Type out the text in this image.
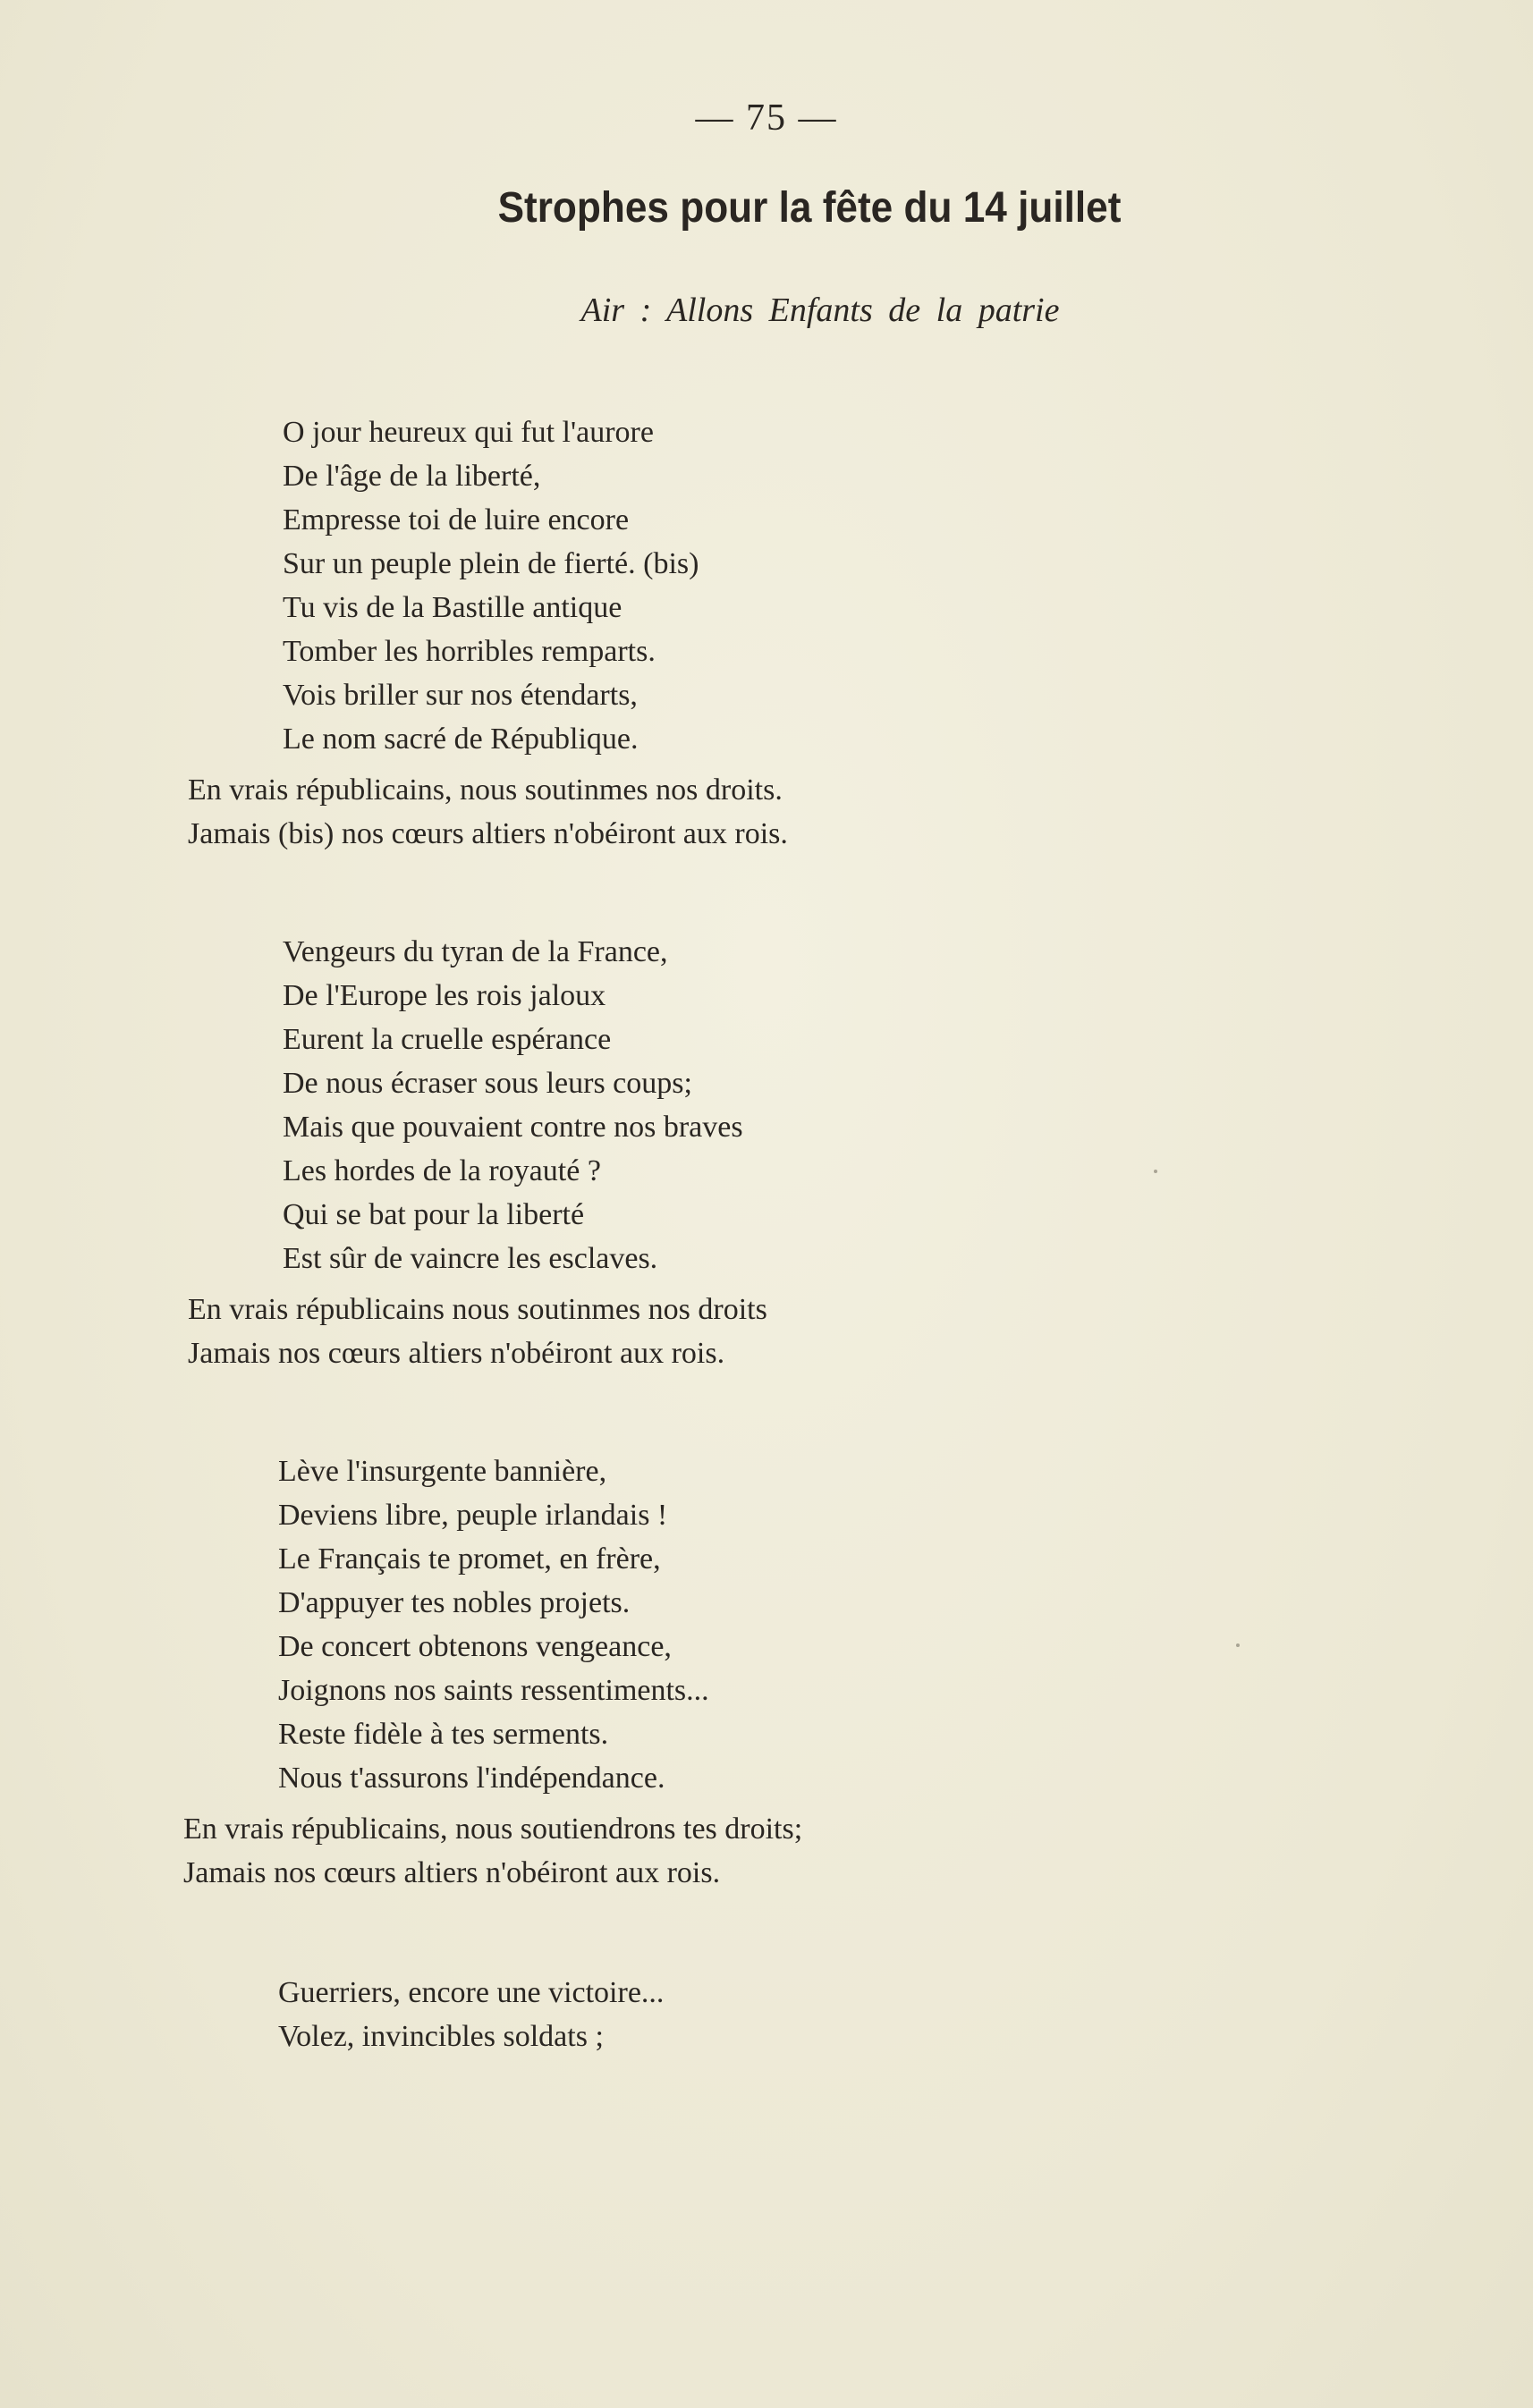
— 75 —
Strophes pour la fête du 14 juillet
Air : Allons Enfants de la patrie
O jour heureux qui fut l'aurore
De l'âge de la liberté,
Empresse toi de luire encore
Sur un peuple plein de fierté. (bis)
Tu vis de la Bastille antique
Tomber les horribles remparts.
Vois briller sur nos étendarts,
Le nom sacré de République.
En vrais républicains, nous soutinmes nos droits.
Jamais (bis) nos cœurs altiers n'obéiront aux rois.
Vengeurs du tyran de la France,
De l'Europe les rois jaloux
Eurent la cruelle espérance
De nous écraser sous leurs coups;
Mais que pouvaient contre nos braves
Les hordes de la royauté ?
Qui se bat pour la liberté
Est sûr de vaincre les esclaves.
En vrais républicains nous soutinmes nos droits
Jamais nos cœurs altiers n'obéiront aux rois.
Lève l'insurgente bannière,
Deviens libre, peuple irlandais !
Le Français te promet, en frère,
D'appuyer tes nobles projets.
De concert obtenons vengeance,
Joignons nos saints ressentiments...
Reste fidèle à tes serments.
Nous t'assurons l'indépendance.
En vrais républicains, nous soutiendrons tes droits;
Jamais nos cœurs altiers n'obéiront aux rois.
Guerriers, encore une victoire...
Volez, invincibles soldats ;
